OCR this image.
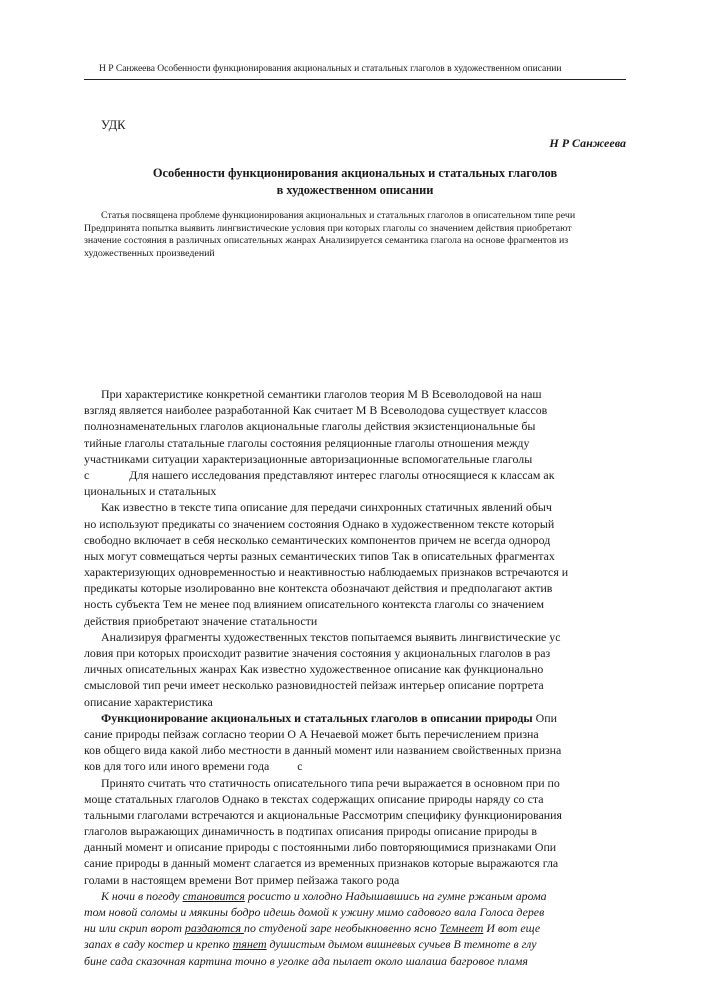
Н Р Санжеева Особенности функционирования акциональных и статальных глаголов в художественном описании
УДК
Н Р Санжеева
Особенности функционирования акциональных и статальных глаголов
в художественном описании
Статья посвящена проблеме функционирования акциональных и статальных глаголов в описательном типе речи
Предпринята попытка выявить лингвистические условия при которых глаголы со значением действия приобретают
значение состояния в различных описательных жанрах Анализируется семантика глагола на основе фрагментов из
художественных произведений
При характеристике конкретной семантики глаголов теория М В Всеволодовой на наш
взгляд является наиболее разработанной Как считает М В Всеволодова существует классов
полнознаменательных глаголов акциональные глаголы действия экзистенциональные бы
тийные глаголы статальные глаголы состояния реляционные глаголы отношения между
участниками ситуации характеризационные авторизационные вспомогательные глаголы
с	Для нашего исследования представляют интерес глаголы относящиеся к классам ак
циональных и статальных
Как известно в тексте типа описание для передачи синхронных статичных явлений обыч
но используют предикаты со значением состояния Однако в художественном тексте который
свободно включает в себя несколько семантических компонентов причем не всегда однород
ных могут совмещаться черты разных семантических типов Так в описательных фрагментах
характеризующих одновременностью и неактивностью наблюдаемых признаков встречаются и
предикаты которые изолированно вне контекста обозначают действия и предполагают актив
ность субъекта Тем не менее под влиянием описательного контекста глаголы со значением
действия приобретают значение статальности
Анализируя фрагменты художественных текстов попытаемся выявить лингвистические ус
ловия при которых происходит развитие значения состояния у акциональных глаголов в раз
личных описательных жанрах Как известно художественное описание как функционально
смысловой тип речи имеет несколько разновидностей пейзаж интерьер описание портрета
описание характеристика
Функционирование акциональных и статальных глаголов в описании природы Опи
сание природы пейзаж согласно теории О А Нечаевой может быть перечислением призна
ков общего вида какой либо местности в данный момент или названием свойственных призна
ков для того или иного времени года с
Принято считать что статичность описательного типа речи выражается в основном при по
моще статальных глаголов Однако в текстах содержащих описание природы наряду со ста
тальными глаголами встречаются и акциональные Рассмотрим специфику функционирования
глаголов выражающих динамичность в подтипах описания природы описание природы в
данный момент и описание природы с постоянными либо повторяющимися признаками Опи
сание природы в данный момент слагается из временных признаков которые выражаются гла
голами в настоящем времени Вот пример пейзажа такого рода
К ночи в погоду становится росисто и холодно Надышавшись на гумне ржаным арома
том новой соломы и мякины бодро идешь домой к ужину мимо садового вала Голоса дерев
ни или скрип ворот раздаются по студеной заре необыкновенно ясно Темнеет И вот еще
запах в саду костер и крепко тянет душистым дымом вишневых сучьев В темноте в глу
бине сада сказочная картина точно в уголке ада пылает около шалаша багровое пламя
